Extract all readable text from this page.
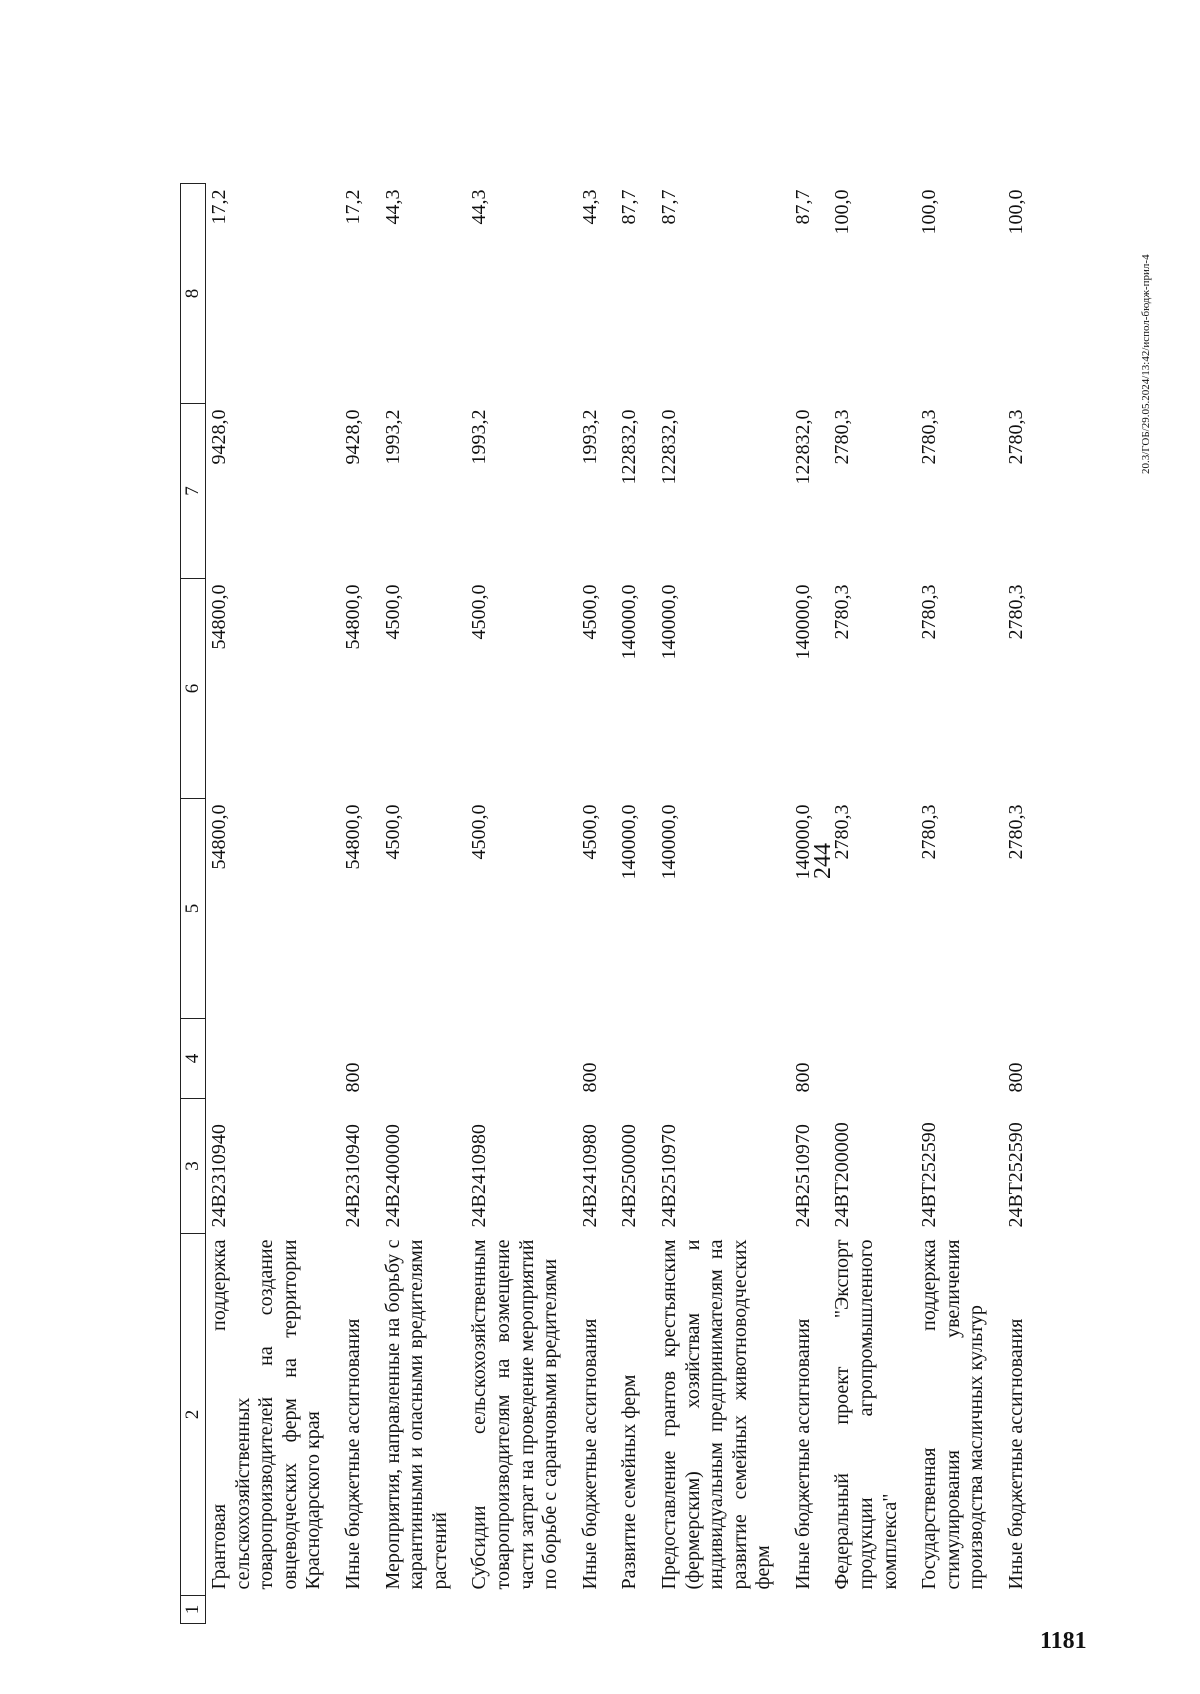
244
1	2	3	4	5	6	7	8
	Грантовая поддержка сельскохозяйственных товаропроизводителей на создание овцеводческих ферм на территории Краснодарского края	24В2310940		54800,0	54800,0	9428,0	17,2
	Иные бюджетные ассигнования	24В2310940	800	54800,0	54800,0	9428,0	17,2
	Мероприятия, направленные на борьбу с карантинными и опасными вредителями растений	24В2400000		4500,0	4500,0	1993,2	44,3
	Субсидии сельскохозяйственным товаропроизводителям на возмещение части затрат на проведение мероприятий по борьбе с саранчовыми вредителями	24В2410980		4500,0	4500,0	1993,2	44,3
	Иные бюджетные ассигнования	24В2410980	800	4500,0	4500,0	1993,2	44,3
	Развитие семейных ферм	24В2500000		140000,0	140000,0	122832,0	87,7
	Предоставление грантов крестьянским (фермерским) хозяйствам и индивидуальным предпринимателям на развитие семейных животноводческих ферм	24В2510970		140000,0	140000,0	122832,0	87,7
	Иные бюджетные ассигнования	24В2510970	800	140000,0	140000,0	122832,0	87,7
	Федеральный проект "Экспорт продукции агропромышленного комплекса"	24ВТ200000		2780,3	2780,3	2780,3	100,0
	Государственная поддержка стимулирования увеличения производства масличных культур	24ВТ252590		2780,3	2780,3	2780,3	100,0
	Иные бюджетные ассигнования	24ВТ252590	800	2780,3	2780,3	2780,3	100,0
20.3/ГОБ/29.05.2024/13:42/испол-бюдж-прил-4
1181
